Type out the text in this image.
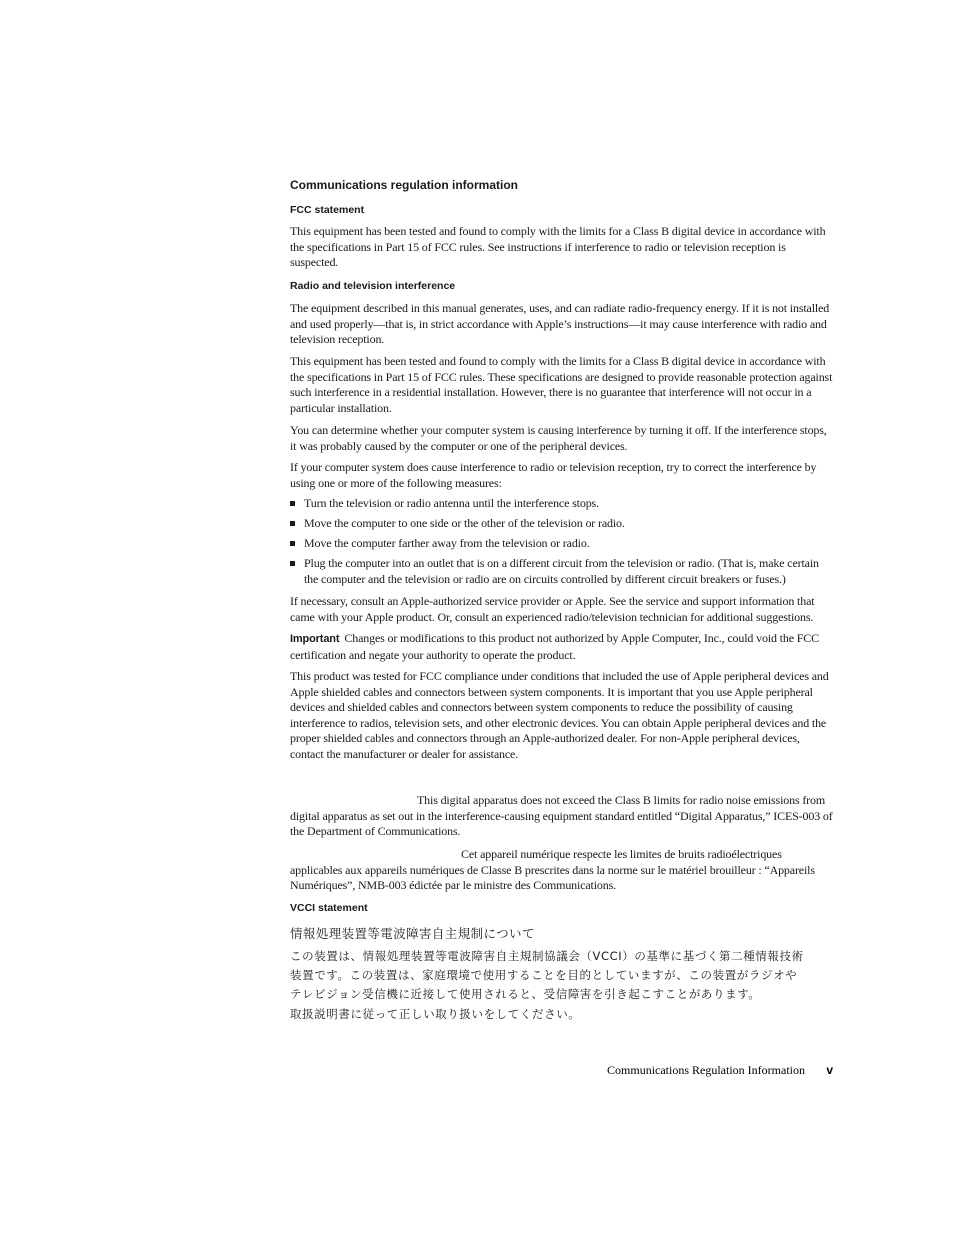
Communications regulation information
FCC statement

This equipment has been tested and found to comply with the limits for a Class B digital device in accordance with the specifications in Part 15 of FCC rules. See instructions if interference to radio or television reception is suspected.

Radio and television interference

The equipment described in this manual generates, uses, and can radiate radio-frequency energy. If it is not installed and used properly—that is, in strict accordance with Apple’s instructions—it may cause interference with radio and television reception.

This equipment has been tested and found to comply with the limits for a Class B digital device in accordance with the specifications in Part 15 of FCC rules. These specifications are designed to provide reasonable protection against such interference in a residential installation. However, there is no guarantee that interference will not occur in a particular installation.

You can determine whether your computer system is causing interference by turning it off. If the interference stops, it was probably caused by the computer or one of the peripheral devices.

If your computer system does cause interference to radio or television reception, try to correct the interference by using one or more of the following measures:

Turn the television or radio antenna until the interference stops.
Move the computer to one side or the other of the television or radio.
Move the computer farther away from the television or radio.
Plug the computer into an outlet that is on a different circuit from the television or radio. (That is, make certain the computer and the television or radio are on circuits controlled by different circuit breakers or fuses.)

If necessary, consult an Apple-authorized service provider or Apple. See the service and support information that came with your Apple product. Or, consult an experienced radio/television technician for additional suggestions.

Important Changes or modifications to this product not authorized by Apple Computer, Inc., could void the FCC certification and negate your authority to operate the product.

This product was tested for FCC compliance under conditions that included the use of Apple peripheral devices and Apple shielded cables and connectors between system components. It is important that you use Apple peripheral devices and shielded cables and connectors between system components to reduce the possibility of causing interference to radios, television sets, and other electronic devices. You can obtain Apple peripheral devices and the proper shielded cables and connectors through an Apple-authorized dealer. For non-Apple peripheral devices, contact the manufacturer or dealer for assistance.

This digital apparatus does not exceed the Class B limits for radio noise emissions from digital apparatus as set out in the interference-causing equipment standard entitled “Digital Apparatus,” ICES-003 of the Department of Communications.

Cet appareil numérique respecte les limites de bruits radioélectriques applicables aux appareils numériques de Classe B prescrites dans la norme sur le matériel brouilleur : “Appareils Numériques”, NMB-003 édictée par le ministre des Communications.

VCCI statement
情報処理装置等電波障害自主規制について
この装置は、情報処理装置等電波障害自主規制協議会（VCCI）の基準に基づく第二種情報技術
装置です。この装置は、家庭環境で使用することを目的としていますが、この装置がラジオや
テレビジョン受信機に近接して使用されると、受信障害を引き起こすことがあります。
取扱説明書に従って正しい取り扱いをしてください。
Communications Regulation Information v
